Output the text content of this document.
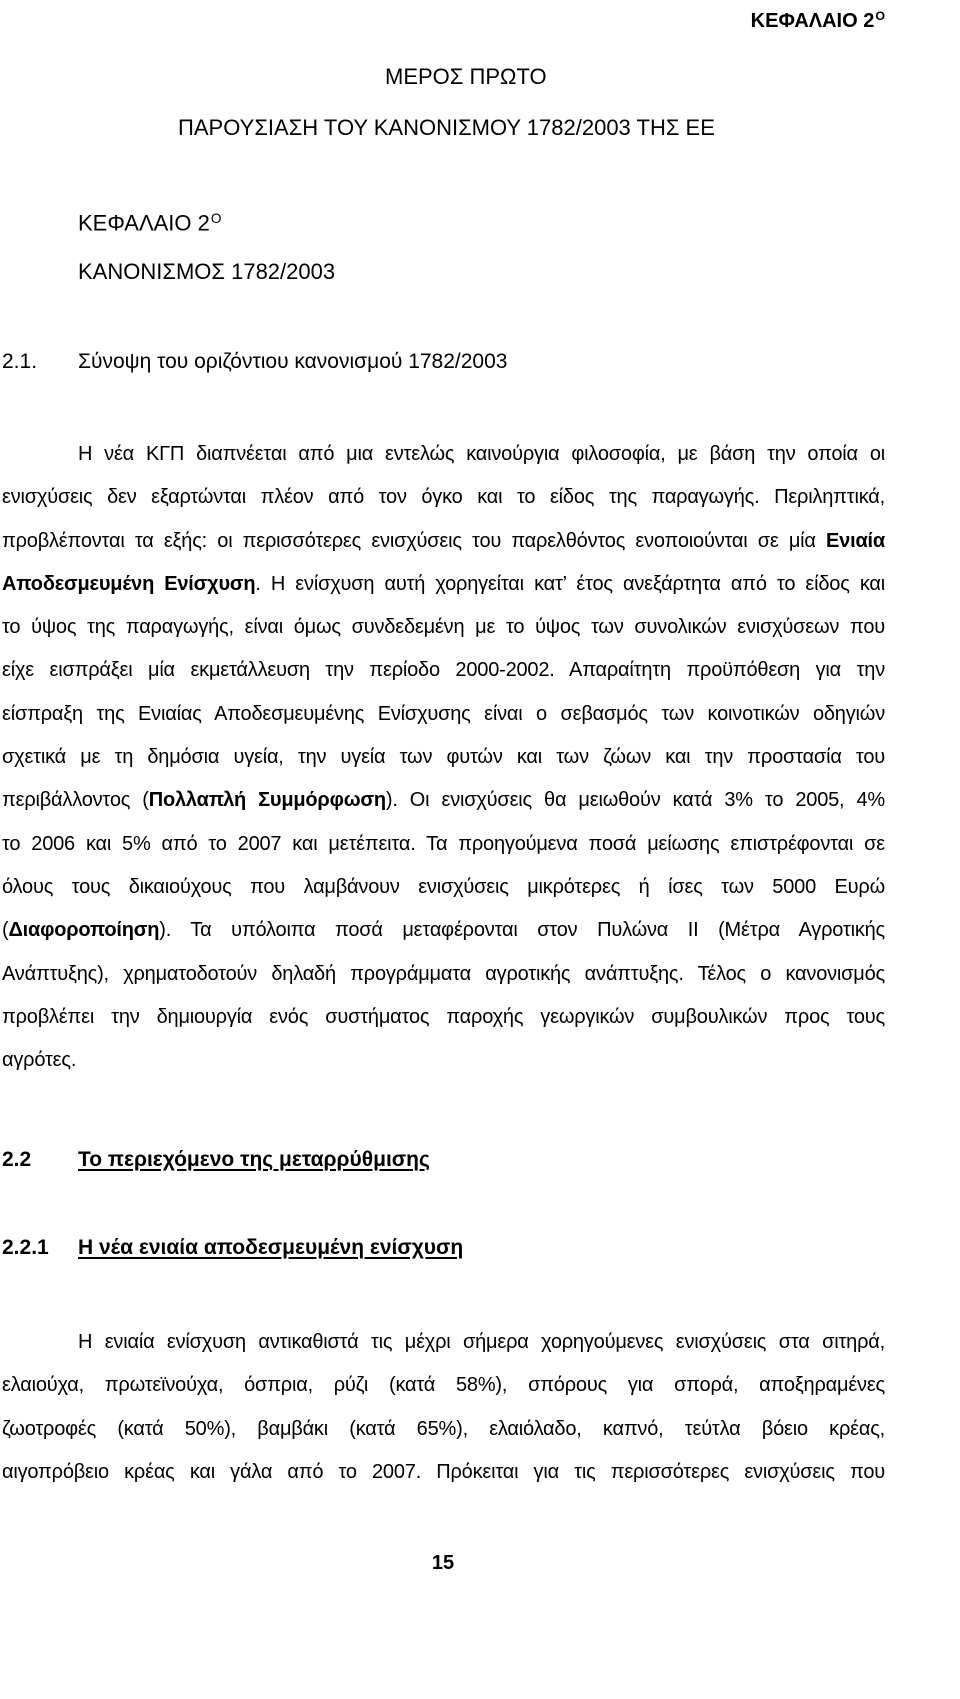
ΚΕΦΑΛΑΙΟ $2^O$
ΜΕΡΟΣ ΠΡΩΤΟ
ΠΑΡΟΥΣΙΑΣΗ ΤΟΥ ΚΑΝΟΝΙΣΜΟΥ 1782/2003 ΤΗΣ ΕΕ
ΚΕΦΑΛΑΙΟ $2^O$
ΚΑΝΟΝΙΣΜΟΣ 1782/2003
2.1. Σύνοψη του οριζόντιου κανονισμού 1782/2003
Η νέα ΚΓΠ διαπνέεται από μια εντελώς καινούργια φιλοσοφία, με βάση την οποία οι
ενισχύσεις δεν εξαρτώνται πλέον από τον όγκο και το είδος της παραγωγής. Περιληπτικά,
προβλέπονται τα εξής: οι περισσότερες ενισχύσεις του παρελθόντος ενοποιούνται σε μία Ενιαία
Αποδεσμευμένη Ενίσχυση. Η ενίσχυση αυτή χορηγείται κατ’ έτος ανεξάρτητα από το είδος και
το ύψος της παραγωγής, είναι όμως συνδεδεμένη με το ύψος των συνολικών ενισχύσεων που
είχε εισπράξει μία εκμετάλλευση την περίοδο 2000-2002. Απαραίτητη προϋπόθεση για την
είσπραξη της Ενιαίας Αποδεσμευμένης Ενίσχυσης είναι ο σεβασμός των κοινοτικών οδηγιών
σχετικά με τη δημόσια υγεία, την υγεία των φυτών και των ζώων και την προστασία του
περιβάλλοντος (Πολλαπλή Συμμόρφωση). Οι ενισχύσεις θα μειωθούν κατά 3% το 2005, 4%
το 2006 και 5% από το 2007 και μετέπειτα. Τα προηγούμενα ποσά μείωσης επιστρέφονται σε
όλους τους δικαιούχους που λαμβάνουν ενισχύσεις μικρότερες ή ίσες των 5000 Ευρώ
(Διαφοροποίηση). Τα υπόλοιπα ποσά μεταφέρονται στον Πυλώνα ΙΙ (Μέτρα Αγροτικής
Ανάπτυξης), χρηματοδοτούν δηλαδή προγράμματα αγροτικής ανάπτυξης. Τέλος ο κανονισμός
προβλέπει την δημιουργία ενός συστήματος παροχής γεωργικών συμβουλικών προς τους
αγρότες.
2.2 Το περιεχόμενο της μεταρρύθμισης
2.2.1 Η νέα ενιαία αποδεσμευμένη ενίσχυση
Η ενιαία ενίσχυση αντικαθιστά τις μέχρι σήμερα χορηγούμενες ενισχύσεις στα σιτηρά,
ελαιούχα, πρωτεϊνούχα, όσπρια, ρύζι (κατά 58%), σπόρους για σπορά, αποξηραμένες
ζωοτροφές (κατά 50%), βαμβάκι (κατά 65%), ελαιόλαδο, καπνό, τεύτλα βόειο κρέας,
αιγοπρόβειο κρέας και γάλα από το 2007. Πρόκειται για τις περισσότερες ενισχύσεις που
15
